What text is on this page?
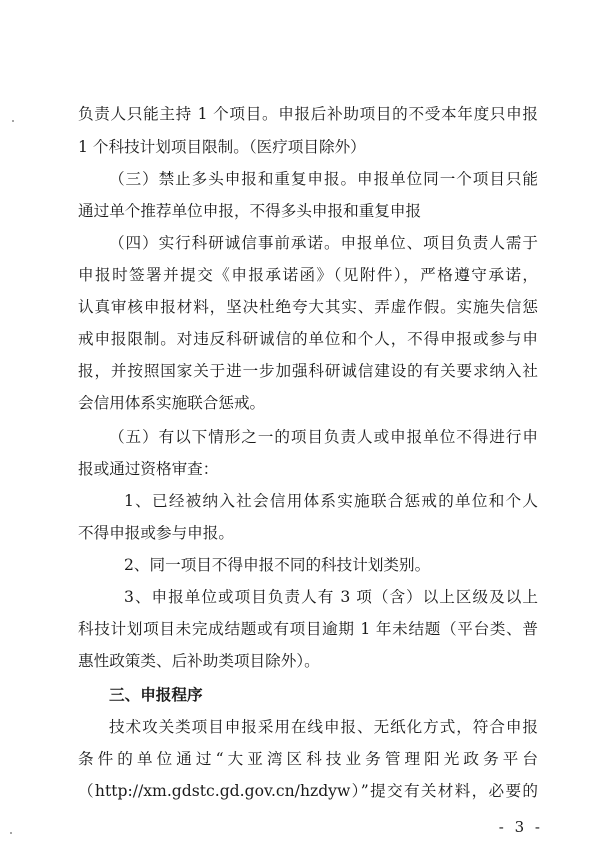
负责人只能主持 1 个项目。申报后补助项目的不受本年度只申报
1 个科技计划项目限制。（医疗项目除外）
（三）禁止多头申报和重复申报。申报单位同一个项目只能
通过单个推荐单位申报，不得多头申报和重复申报
（四）实行科研诚信事前承诺。申报单位、项目负责人需于
申报时签署并提交《申报承诺函》（见附件），严格遵守承诺，
认真审核申报材料，坚决杜绝夸大其实、弄虚作假。实施失信惩
戒申报限制。对违反科研诚信的单位和个人，不得申报或参与申
报，并按照国家关于进一步加强科研诚信建设的有关要求纳入社
会信用体系实施联合惩戒。
（五）有以下情形之一的项目负责人或申报单位不得进行申
报或通过资格审查：
1、已经被纳入社会信用体系实施联合惩戒的单位和个人
不得申报或参与申报。
2、同一项目不得申报不同的科技计划类别。
3、申报单位或项目负责人有 3 项（含）以上区级及以上
科技计划项目未完成结题或有项目逾期 1 年未结题（平台类、普
惠性政策类、后补助类项目除外）。
三、申报程序
技术攻关类项目申报采用在线申报、无纸化方式，符合申报
条件的单位通过“大亚湾区科技业务管理阳光政务平台
（http://xm.gdstc.gd.gov.cn/hzdyw）”提交有关材料，必要的
- 3 -
